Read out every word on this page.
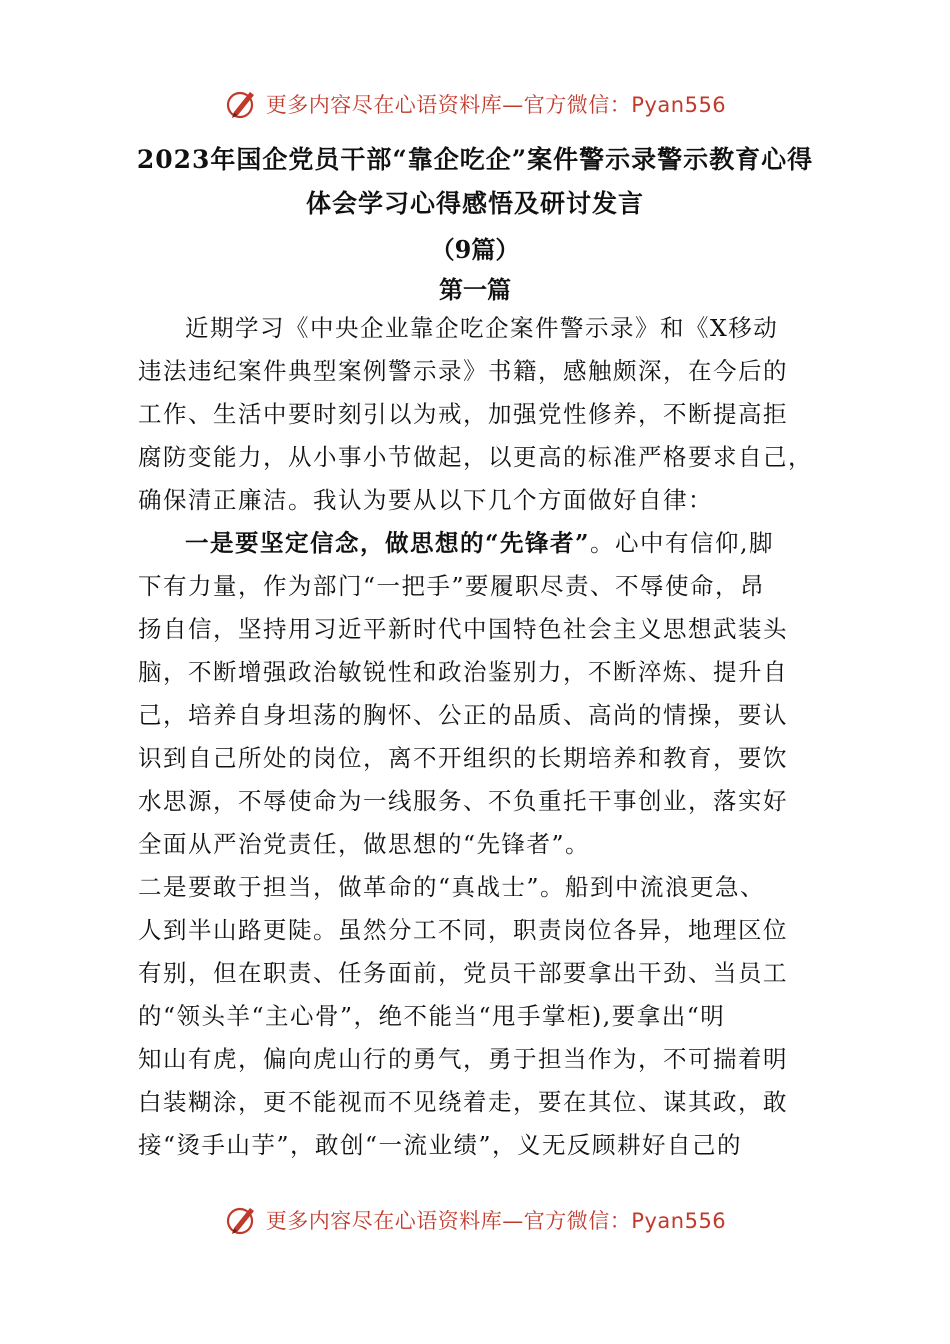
更多内容尽在心语资料库—官方微信：Pyan556
2023年国企党员干部“靠企吃企”案件警示录警示教育心得
体会学习心得感悟及研讨发言
（9篇）
第一篇
近期学习《中央企业靠企吃企案件警示录》和《X移动
违法违纪案件典型案例警示录》书籍，感触颇深，在今后的
工作、生活中要时刻引以为戒，加强党性修养，不断提高拒
腐防变能力，从小事小节做起，以更高的标准严格要求自己，
确保清正廉洁。我认为要从以下几个方面做好自律：
一是要坚定信念，做思想的“先锋者”。心中有信仰,脚
下有力量，作为部门“一把手”要履职尽责、不辱使命，昂
扬自信，坚持用习近平新时代中国特色社会主义思想武装头
脑，不断增强政治敏锐性和政治鉴别力，不断淬炼、提升自
己，培养自身坦荡的胸怀、公正的品质、高尚的情操，要认
识到自己所处的岗位，离不开组织的长期培养和教育，要饮
水思源，不辱使命为一线服务、不负重托干事创业，落实好
全面从严治党责任，做思想的“先锋者”。
二是要敢于担当，做革命的“真战士”。船到中流浪更急、
人到半山路更陡。虽然分工不同，职责岗位各异，地理区位
有别，但在职责、任务面前，党员干部要拿出干劲、当员工
的“领头羊“主心骨”，绝不能当“甩手掌柜),要拿出“明
知山有虎，偏向虎山行的勇气，勇于担当作为，不可揣着明
白装糊涂，更不能视而不见绕着走，要在其位、谋其政，敢
接“烫手山芋”，敢创“一流业绩”，义无反顾耕好自己的
更多内容尽在心语资料库—官方微信：Pyan556
